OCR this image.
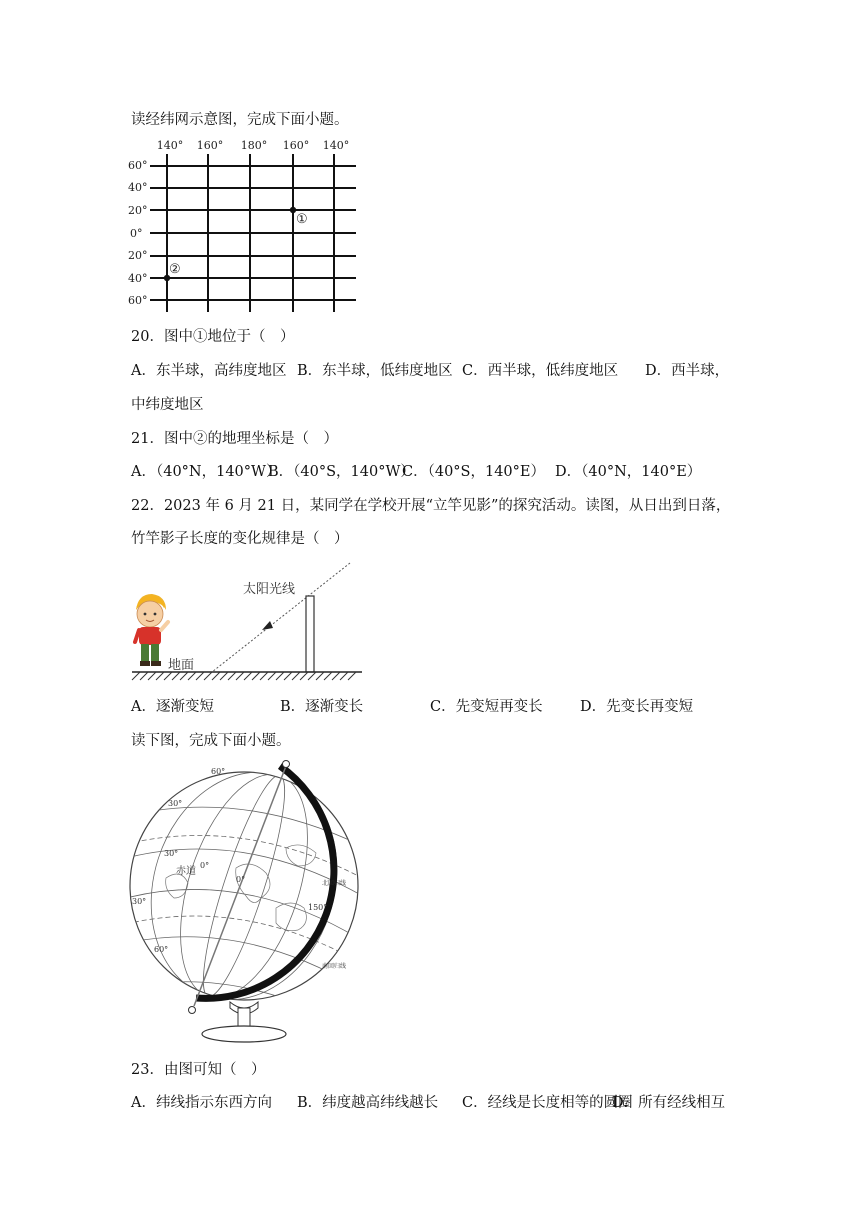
读经纬网示意图，完成下面小题。
140° 160° 180° 160° 140°
60°
40°
20°
0°
20°
40°
60°
①
②
20．图中①地位于（　）
A．东半球，高纬度地区 B．东半球，低纬度地区 C．西半球，低纬度地区 D．西半球，
中纬度地区
21．图中②的地理坐标是（　）
A．（40°N，140°W）
B．（40°S，140°W）
C．（40°S，140°E） D．（40°N，140°E）
22．2023 年 6 月 21 日，某同学在学校开展“立竿见影”的探究活动。读图，从日出到日落，
竹竿影子长度的变化规律是（　）
太阳光线
地面
A．逐渐变短	B．逐渐变长	C．先变短再变长	D．先变长再变短
读下图，完成下面小题。
60°
30°
30°
0°
赤道
0°
30°
60°
150°
北回归线
南回归线
23．由图可知（　）
A．纬线指示东西方向 B．纬度越高纬线越长 C．经线是长度相等的圆圈
D．所有经线相互
